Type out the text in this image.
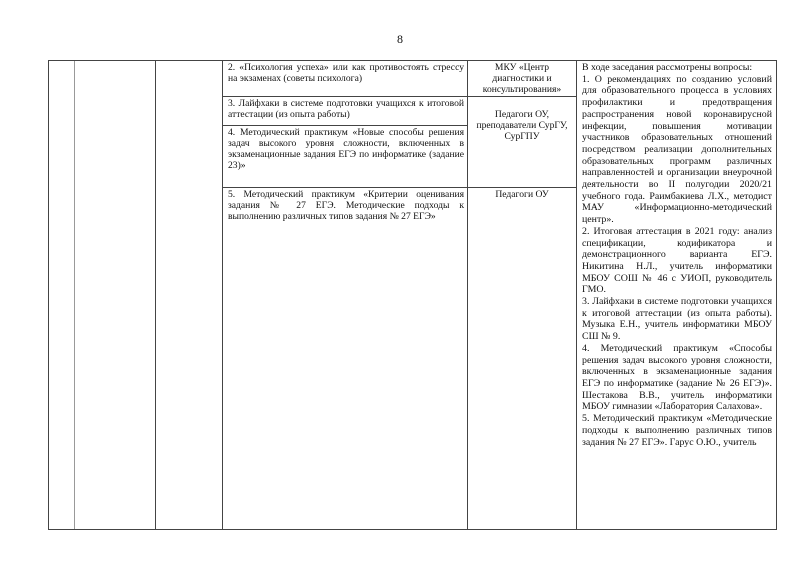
8
2. «Психология успеха» или как противостоять стрессу на экзаменах (советы психолога)
3. Лайфхаки в системе подготовки учащихся к итоговой аттестации (из опыта работы)
4. Методический практикум «Новые способы решения задач высокого уровня сложности, включенных в экзаменационные задания ЕГЭ по информатике (задание 23)»
5. Методический практикум «Критерии оценивания задания № 27 ЕГЭ. Методические подходы к выполнению различных типов задания № 27 ЕГЭ»
МКУ «Центр диагностики и консультирования»
Педагоги ОУ, преподаватели СурГУ, СурГПУ
Педагоги ОУ

В ходе заседания рассмотрены вопросы:

1. О рекомендациях по созданию условий для образовательного процесса в условиях профилактики и предотвращения распространения новой коронавирусной инфекции, повышения мотивации участников образовательных отношений посредством реализации дополнительных образовательных программ различных направленностей и организации внеурочной деятельности во II полугодии 2020/21 учебного года. Раимбакиева Л.Х., методист МАУ «Информационно-методический центр».

2. Итоговая аттестация в 2021 году: анализ спецификации, кодификатора и демонстрационного варианта ЕГЭ. Никитина Н.Л., учитель информатики МБОУ СОШ № 46 с УИОП, руководитель ГМО.

3. Лайфхаки в системе подготовки учащихся к итоговой аттестации (из опыта работы). Музыка Е.Н., учитель информатики МБОУ СШ № 9.

4. Методический практикум «Способы решения задач высокого уровня сложности, включенных в экзаменационные задания ЕГЭ по информатике (задание № 26 ЕГЭ)». Шестакова В.В., учитель информатики МБОУ гимназии «Лаборатория Салахова».

5. Методический практикум «Методические подходы к выполнению различных типов задания № 27 ЕГЭ». Гарус О.Ю., учитель
